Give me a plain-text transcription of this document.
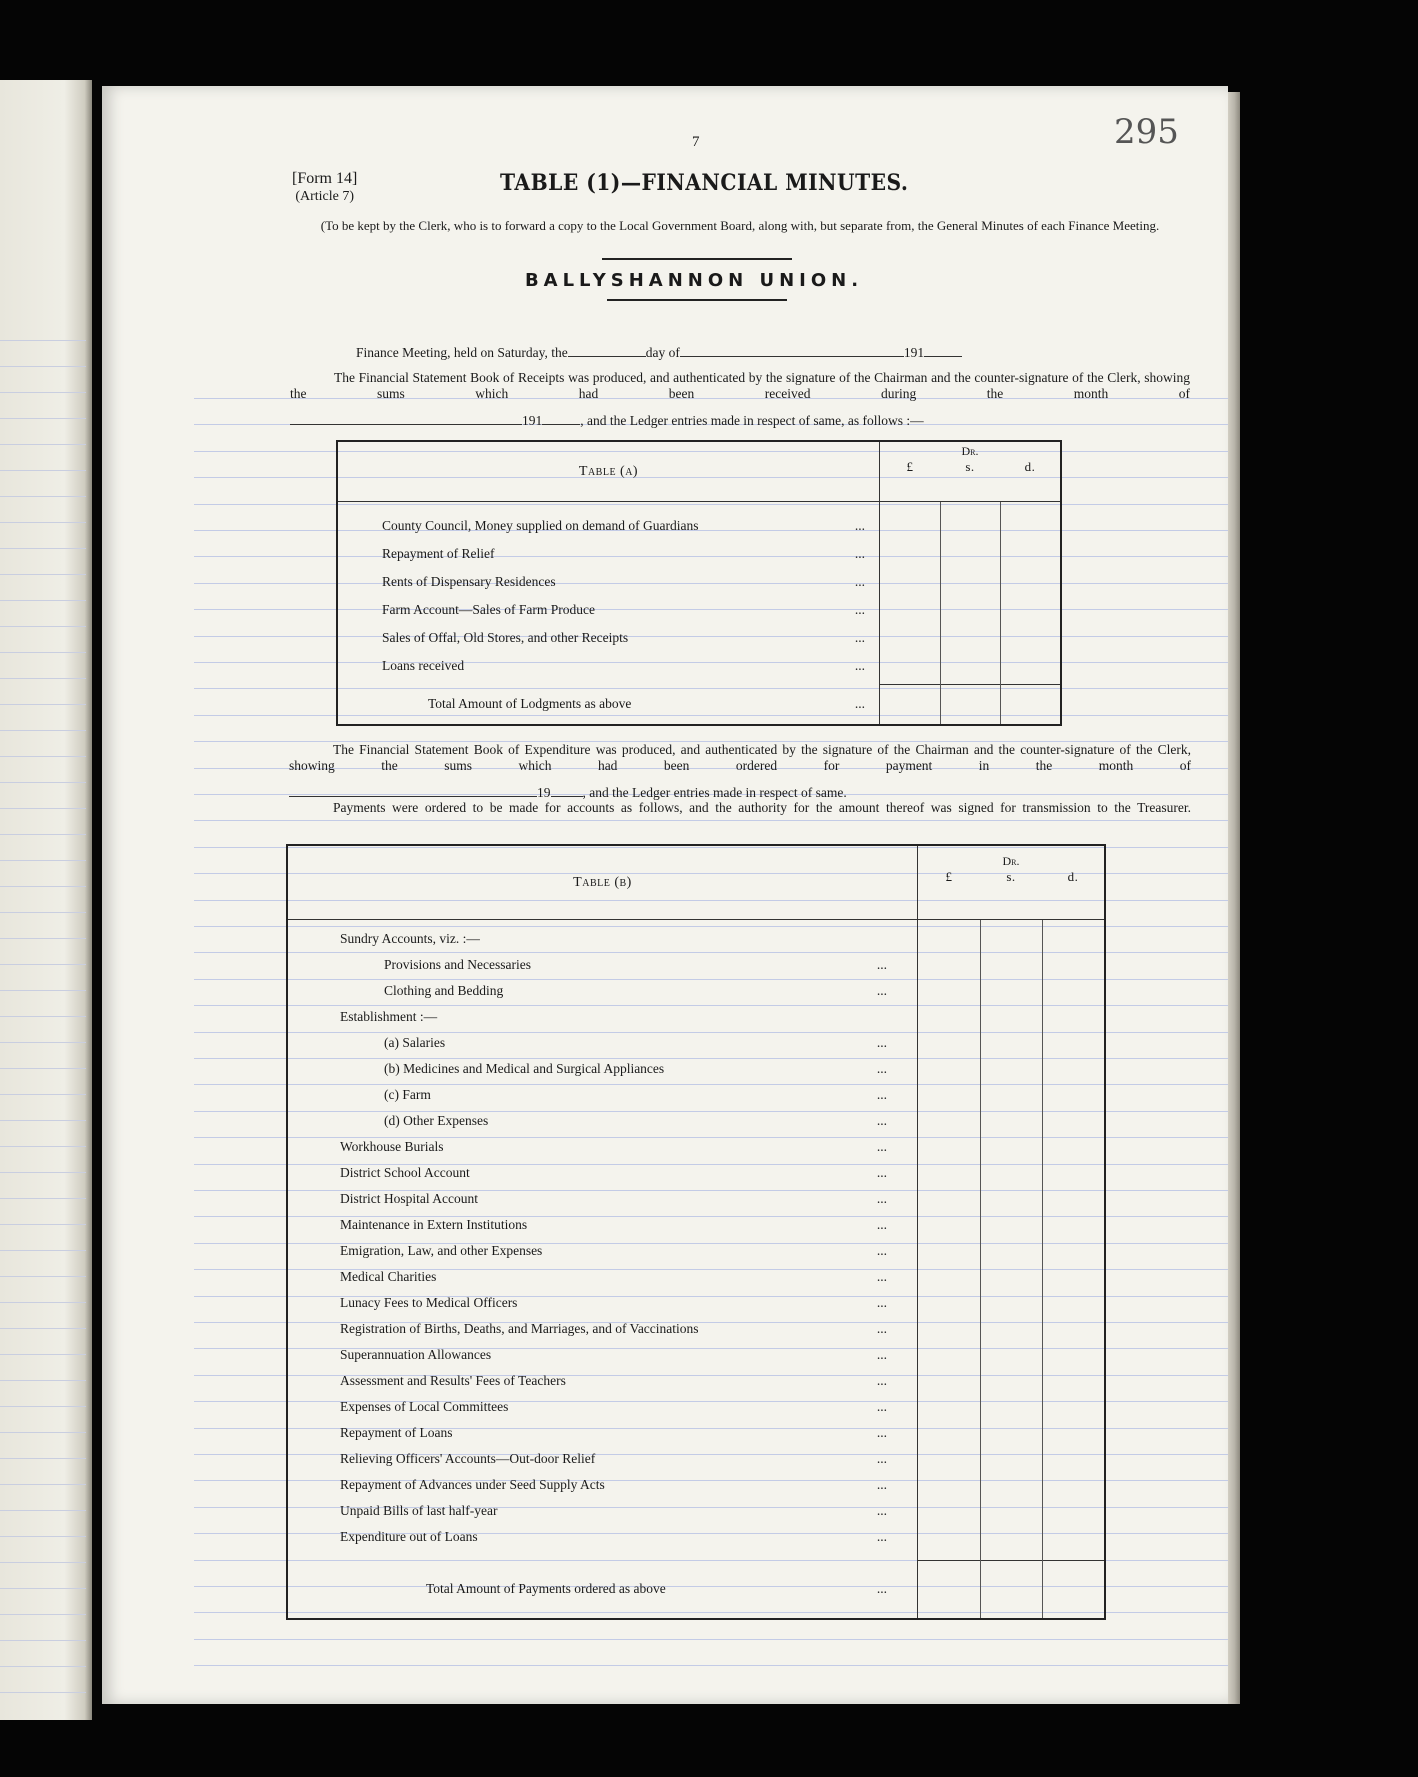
295
7
[Form 14]
(Article 7)
TABLE (1)—FINANCIAL MINUTES.
(To be kept by the Clerk, who is to forward a copy to the Local Government Board, along with, but separate from, the General Minutes of each Finance Meeting.
BALLYSHANNON UNION.
Finance Meeting, held on Saturday, the	day of	191
The Financial Statement Book of Receipts was produced, and authenticated by the signature of the Chairman and the counter-signature of the Clerk, showing the sums which had been received during the month of
191	, and the Ledger entries made in respect of same, as follows :—
Table (a)	Dr.		
	£	s.	d.
County Council, Money supplied on demand of Guardians ...			

Repayment of Relief ...			

Rents of Dispensary Residences ...			

Farm Account—Sales of Farm Produce ...			

Sales of Offal, Old Stores, and other Receipts ...			

Loans received ...			

Total Amount of Lodgments as above ...			

The Financial Statement Book of Expenditure was produced, and authenticated by the signature of the Chairman and the counter-signature of the Clerk, showing the sums which had been ordered for payment in the month of
19 , and the Ledger entries made in respect of same.
Payments were ordered to be made for accounts as follows, and the authority for the amount thereof was signed for transmission to the Treasurer.
Table (b)	Dr.		
	£	s.	d.
Sundry Accounts, viz. :—			
Provisions and Necessaries ...			

Clothing and Bedding ...			

Establishment :—			
(a) Salaries ...			

(b) Medicines and Medical and Surgical Appliances ...			

(c) Farm ...			

(d) Other Expenses ...			

Workhouse Burials ...			

District School Account ...			

District Hospital Account ...			

Maintenance in Extern Institutions ...			

Emigration, Law, and other Expenses ...			

Medical Charities ...			

Lunacy Fees to Medical Officers ...			

Registration of Births, Deaths, and Marriages, and of Vaccinations ...			

Superannuation Allowances ...			

Assessment and Results' Fees of Teachers ...			

Expenses of Local Committees ...			

Repayment of Loans ...			

Relieving Officers' Accounts—Out-door Relief ...			

Repayment of Advances under Seed Supply Acts ...			

Unpaid Bills of last half-year ...			

Expenditure out of Loans ...			

Total Amount of Payments ordered as above ...			
